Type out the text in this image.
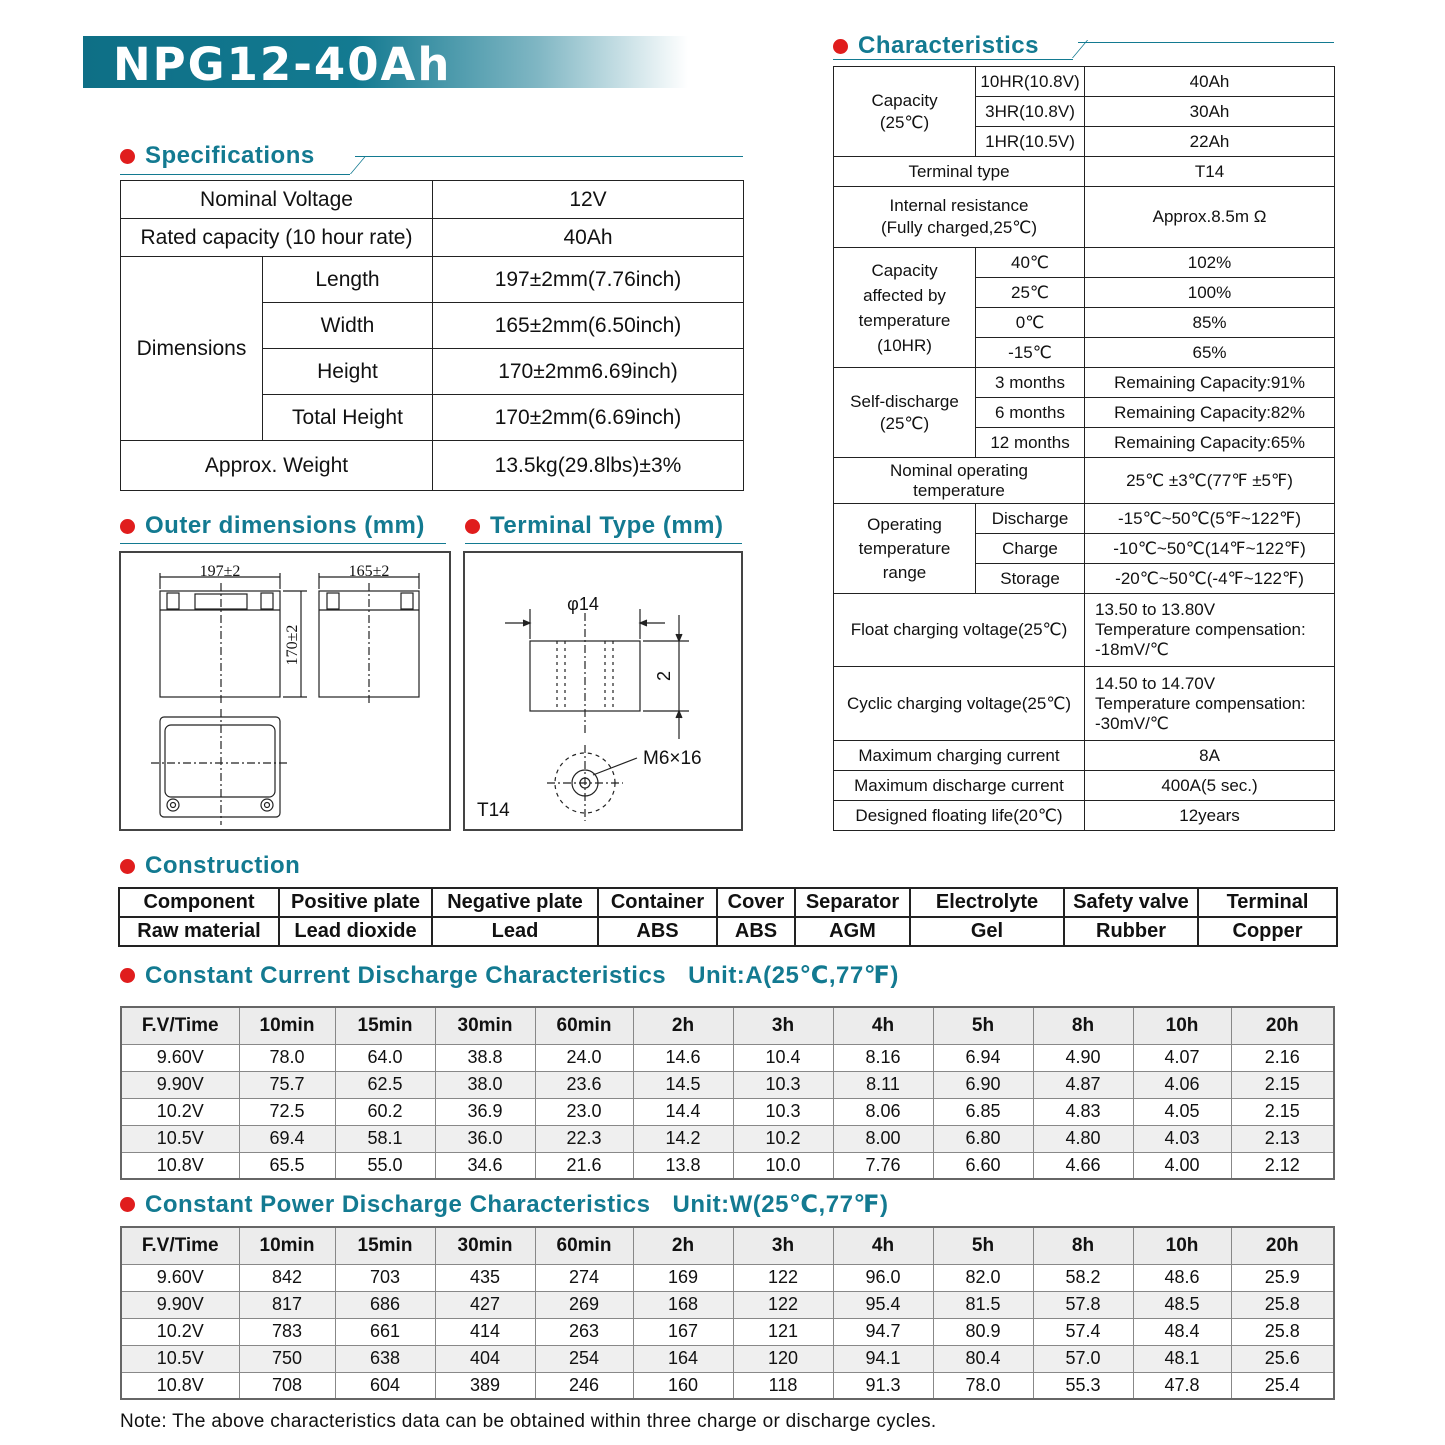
NPG12-40Ah 12V40Ah
Specifications
Nominal Voltage		12V
Rated capacity (10 hour rate)		40Ah
Dimensions	Length	197±2mm(7.76inch)
	Width	165±2mm(6.50inch)
	Height	170±2mm6.69inch)
	Total Height	170±2mm(6.69inch)
Approx. Weight		13.5kg(29.8lbs)±3%
Outer dimensions (mm)	Terminal Type (mm)
197±2	165±2
170±2
φ14
2
M6×16
T14
Characteristics
Capacity
(25℃)	10HR(10.8V)	40Ah
	3HR(10.8V)	30Ah
	1HR(10.5V)	22Ah
Terminal type		T14
Internal resistance
(Fully charged,25℃)		Approx.8.5m Ω
Capacity
affected by
temperature
(10HR)	40℃	102%
	25℃	100%
	0℃	85%
	-15℃	65%
Self-discharge
(25℃)	3 months	Remaining Capacity:91%
	6 months	Remaining Capacity:82%
	12 months	Remaining Capacity:65%
Nominal operating
temperature		25℃ ±3℃(77℉ ±5℉)
Operating
temperature
range	Discharge	-15℃~50℃(5℉~122℉)
	Charge	-10℃~50℃(14℉~122℉)
	Storage	-20℃~50℃(-4℉~122℉)
Float charging voltage(25℃)		13.50 to 13.80V
Temperature compensation:
-18mV/℃
Cyclic charging voltage(25℃)		14.50 to 14.70V
Temperature compensation:
-30mV/℃
Maximum charging current		8A
Maximum discharge current		400A(5 sec.)
Designed floating life(20℃)		12years
Construction
Component	Positive plate	Negative plate	Container	Cover	Separator	Electrolyte	Safety valve	Terminal
Raw material	Lead dioxide	Lead	ABS	ABS	AGM	Gel	Rubber	Copper
Constant Current Discharge Characteristics Unit:A(25℃,77℉)
F.V/Time	10min	15min	30min	60min	2h	3h	4h	5h	8h	10h	20h
9.60V	78.0	64.0	38.8	24.0	14.6	10.4	8.16	6.94	4.90	4.07	2.16
9.90V	75.7	62.5	38.0	23.6	14.5	10.3	8.11	6.90	4.87	4.06	2.15
10.2V	72.5	60.2	36.9	23.0	14.4	10.3	8.06	6.85	4.83	4.05	2.15
10.5V	69.4	58.1	36.0	22.3	14.2	10.2	8.00	6.80	4.80	4.03	2.13
10.8V	65.5	55.0	34.6	21.6	13.8	10.0	7.76	6.60	4.66	4.00	2.12
Constant Power Discharge Characteristics Unit:W(25℃,77℉)
F.V/Time	10min	15min	30min	60min	2h	3h	4h	5h	8h	10h	20h
9.60V	842	703	435	274	169	122	96.0	82.0	58.2	48.6	25.9
9.90V	817	686	427	269	168	122	95.4	81.5	57.8	48.5	25.8
10.2V	783	661	414	263	167	121	94.7	80.9	57.4	48.4	25.8
10.5V	750	638	404	254	164	120	94.1	80.4	57.0	48.1	25.6
10.8V	708	604	389	246	160	118	91.3	78.0	55.3	47.8	25.4
Note: The above characteristics data can be obtained within three charge or discharge cycles.
